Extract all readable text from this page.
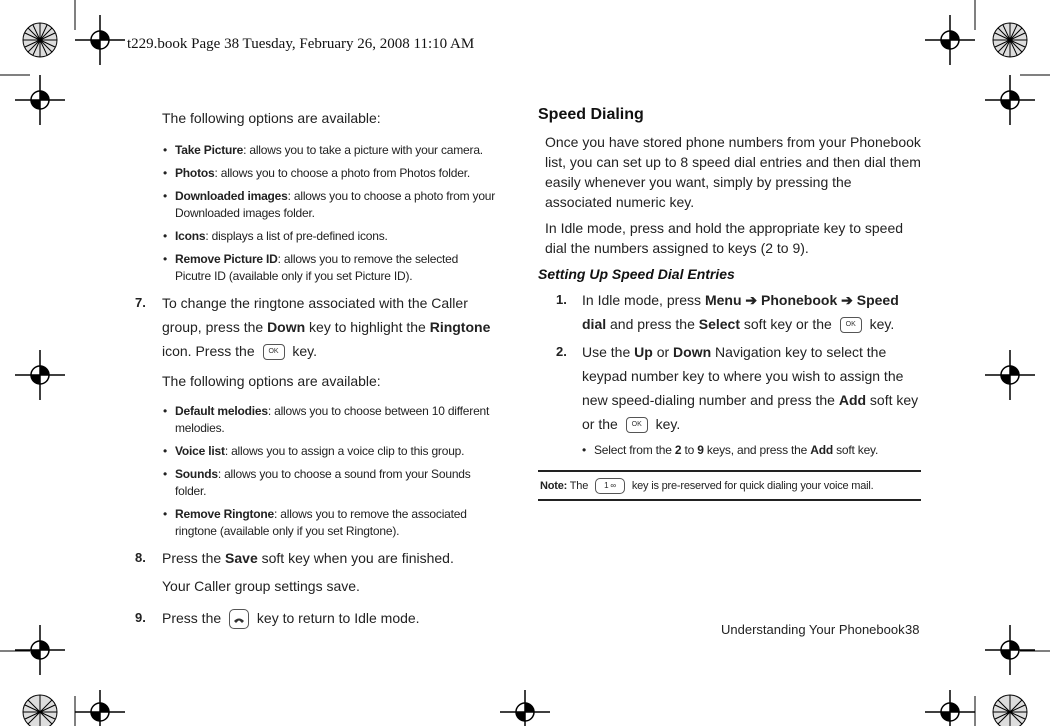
t229.book Page 38 Tuesday, February 26, 2008 11:10 AM
The following options are available:
• Take Picture: allows you to take a picture with your camera.
• Photos: allows you to choose a photo from Photos folder.
• Downloaded images: allows you to choose a photo from your Downloaded images folder.
• Icons: displays a list of pre-defined icons.
• Remove Picture ID: allows you to remove the selected Picutre ID (available only if you set Picture ID).
7. To change the ringtone associated with the Caller group, press the Down key to highlight the Ringtone icon. Press the OK key.
The following options are available:
• Default melodies: allows you to choose between 10 different melodies.
• Voice list: allows you to assign a voice clip to this group.
• Sounds: allows you to choose a sound from your Sounds folder.
• Remove Ringtone: allows you to remove the associated ringtone (available only if you set Ringtone).
8. Press the Save soft key when you are finished.
Your Caller group settings save.
9. Press the  key to return to Idle mode.
Speed Dialing
Once you have stored phone numbers from your Phonebook list, you can set up to 8 speed dial entries and then dial them easily whenever you want, simply by pressing the associated numeric key.
In Idle mode, press and hold the appropriate key to speed dial the numbers assigned to keys (2 to 9).
Setting Up Speed Dial Entries
1. In Idle mode, press Menu ➔ Phonebook ➔ Speed dial and press the Select soft key or the OK key.
2. Use the Up or Down Navigation key to select the keypad number key to where you wish to assign the new speed-dialing number and press the Add soft key or the OK key.
• Select from the 2 to 9 keys, and press the Add soft key.
Note: The 1 ∞ key is pre-reserved for quick dialing your voice mail.
Understanding Your Phonebook 38
